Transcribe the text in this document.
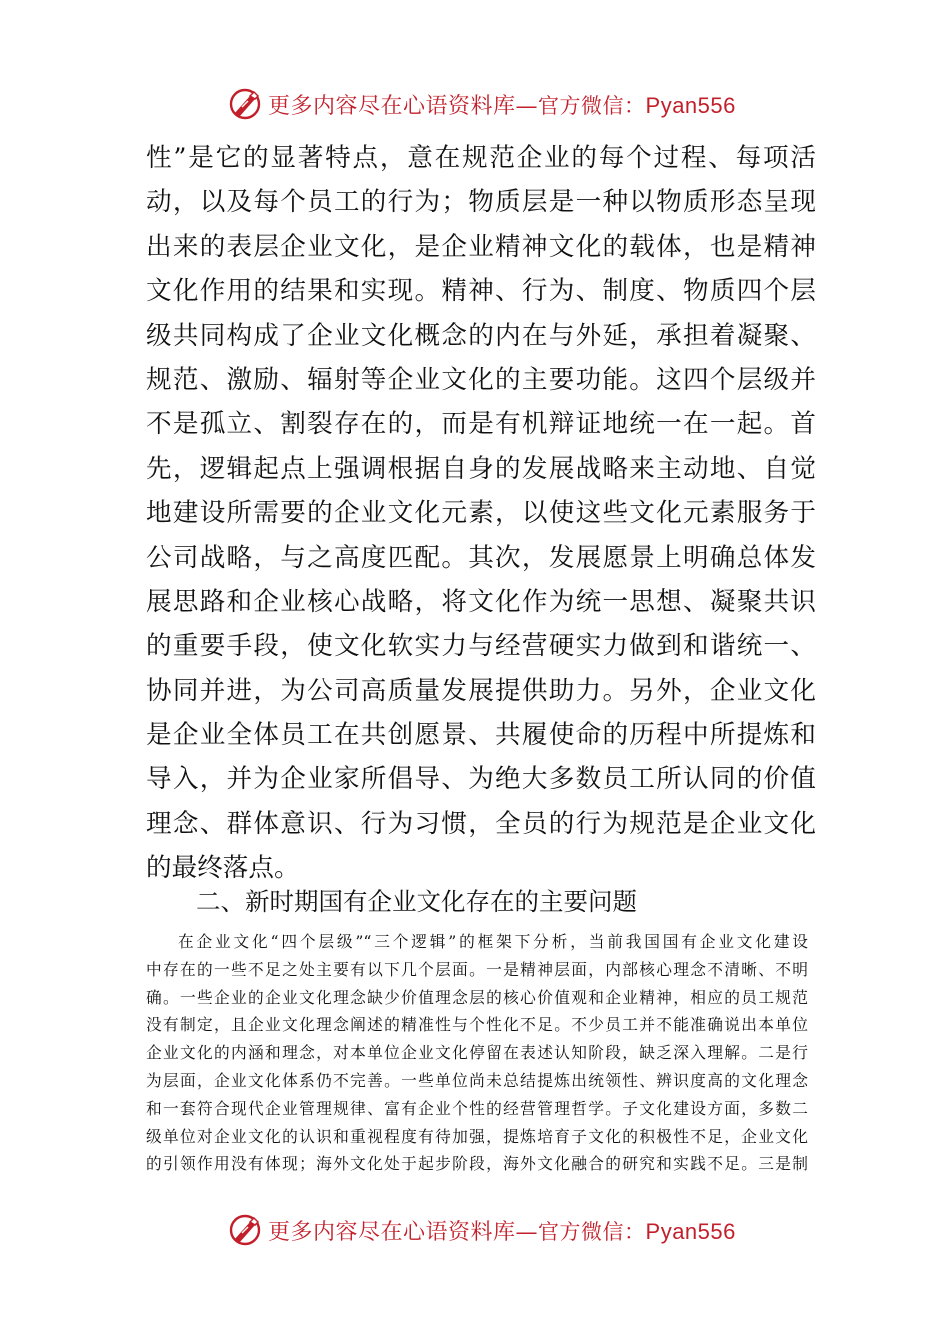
更多内容尽在心语资料库—官方微信：Pyan556
性”是它的显著特点，意在规范企业的每个过程、每项活
动，以及每个员工的行为；物质层是一种以物质形态呈现
出来的表层企业文化，是企业精神文化的载体，也是精神
文化作用的结果和实现。精神、行为、制度、物质四个层
级共同构成了企业文化概念的内在与外延，承担着凝聚、
规范、激励、辐射等企业文化的主要功能。这四个层级并
不是孤立、割裂存在的，而是有机辩证地统一在一起。首
先，逻辑起点上强调根据自身的发展战略来主动地、自觉
地建设所需要的企业文化元素，以使这些文化元素服务于
公司战略，与之高度匹配。其次，发展愿景上明确总体发
展思路和企业核心战略，将文化作为统一思想、凝聚共识
的重要手段，使文化软实力与经营硬实力做到和谐统一、
协同并进，为公司高质量发展提供助力。另外，企业文化
是企业全体员工在共创愿景、共履使命的历程中所提炼和
导入，并为企业家所倡导、为绝大多数员工所认同的价值
理念、群体意识、行为习惯，全员的行为规范是企业文化
的最终落点。
二、新时期国有企业文化存在的主要问题
在企业文化“四个层级”“三个逻辑”的框架下分析，当前我国国有企业文化建设
中存在的一些不足之处主要有以下几个层面。一是精神层面，内部核心理念不清晰、不明
确。一些企业的企业文化理念缺少价值理念层的核心价值观和企业精神，相应的员工规范
没有制定，且企业文化理念阐述的精准性与个性化不足。不少员工并不能准确说出本单位
企业文化的内涵和理念，对本单位企业文化停留在表述认知阶段，缺乏深入理解。二是行
为层面，企业文化体系仍不完善。一些单位尚未总结提炼出统领性、辨识度高的文化理念
和一套符合现代企业管理规律、富有企业个性的经营管理哲学。子文化建设方面，多数二
级单位对企业文化的认识和重视程度有待加强，提炼培育子文化的积极性不足，企业文化
的引领作用没有体现；海外文化处于起步阶段，海外文化融合的研究和实践不足。三是制
更多内容尽在心语资料库—官方微信：Pyan556
